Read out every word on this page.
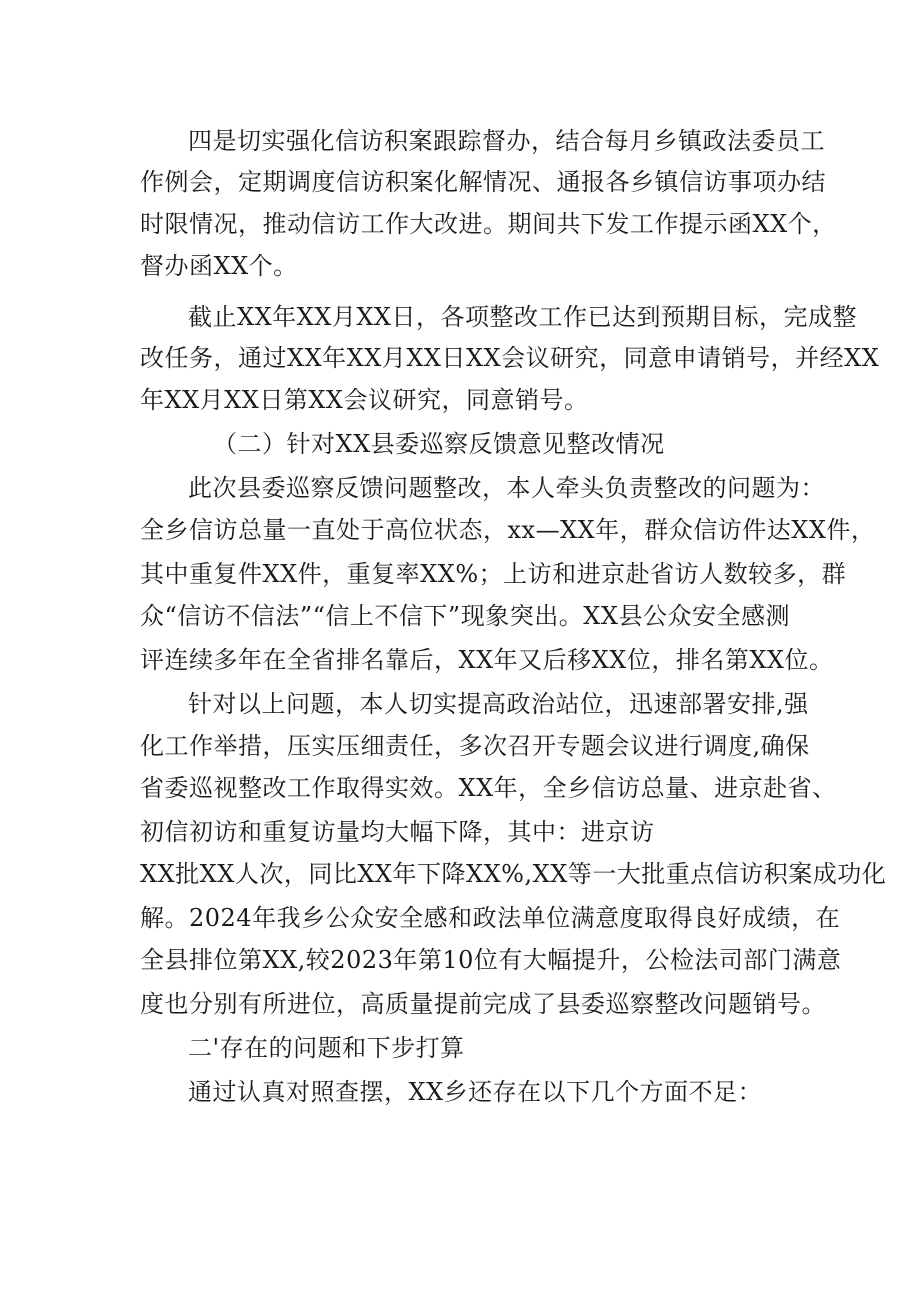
四是切实强化信访积案跟踪督办，结合每月乡镇政法委员工
作例会，定期调度信访积案化解情况、通报各乡镇信访事项办结
时限情况，推动信访工作大改进。期间共下发工作提示函XX个，
督办函XX个。
截止XX年XX月XX日，各项整改工作已达到预期目标，完成整
改任务，通过XX年XX月XX日XX会议研究，同意申请销号，并经XX
年XX月XX日第XX会议研究，同意销号。
（二）针对XX县委巡察反馈意见整改情况
此次县委巡察反馈问题整改，本人牵头负责整改的问题为：
全乡信访总量一直处于高位状态，xx—XX年，群众信访件达XX件，
其中重复件XX件，重复率XX%；上访和进京赴省访人数较多，群
众“信访不信法”“信上不信下”现象突出。XX县公众安全感测
评连续多年在全省排名靠后，XX年又后移XX位，排名第XX位。
针对以上问题，本人切实提高政治站位，迅速部署安排,强
化工作举措，压实压细责任，多次召开专题会议进行调度,确保
省委巡视整改工作取得实效。XX年，全乡信访总量、进京赴省、
初信初访和重复访量均大幅下降，其中：进京访
XX批XX人次，同比XX年下降XX%,XX等一大批重点信访积案成功化
解。2024年我乡公众安全感和政法单位满意度取得良好成绩，在
全县排位第XX,较2023年第10位有大幅提升，公检法司部门满意
度也分别有所进位，高质量提前完成了县委巡察整改问题销号。
二'存在的问题和下步打算
通过认真对照查摆，XX乡还存在以下几个方面不足：
